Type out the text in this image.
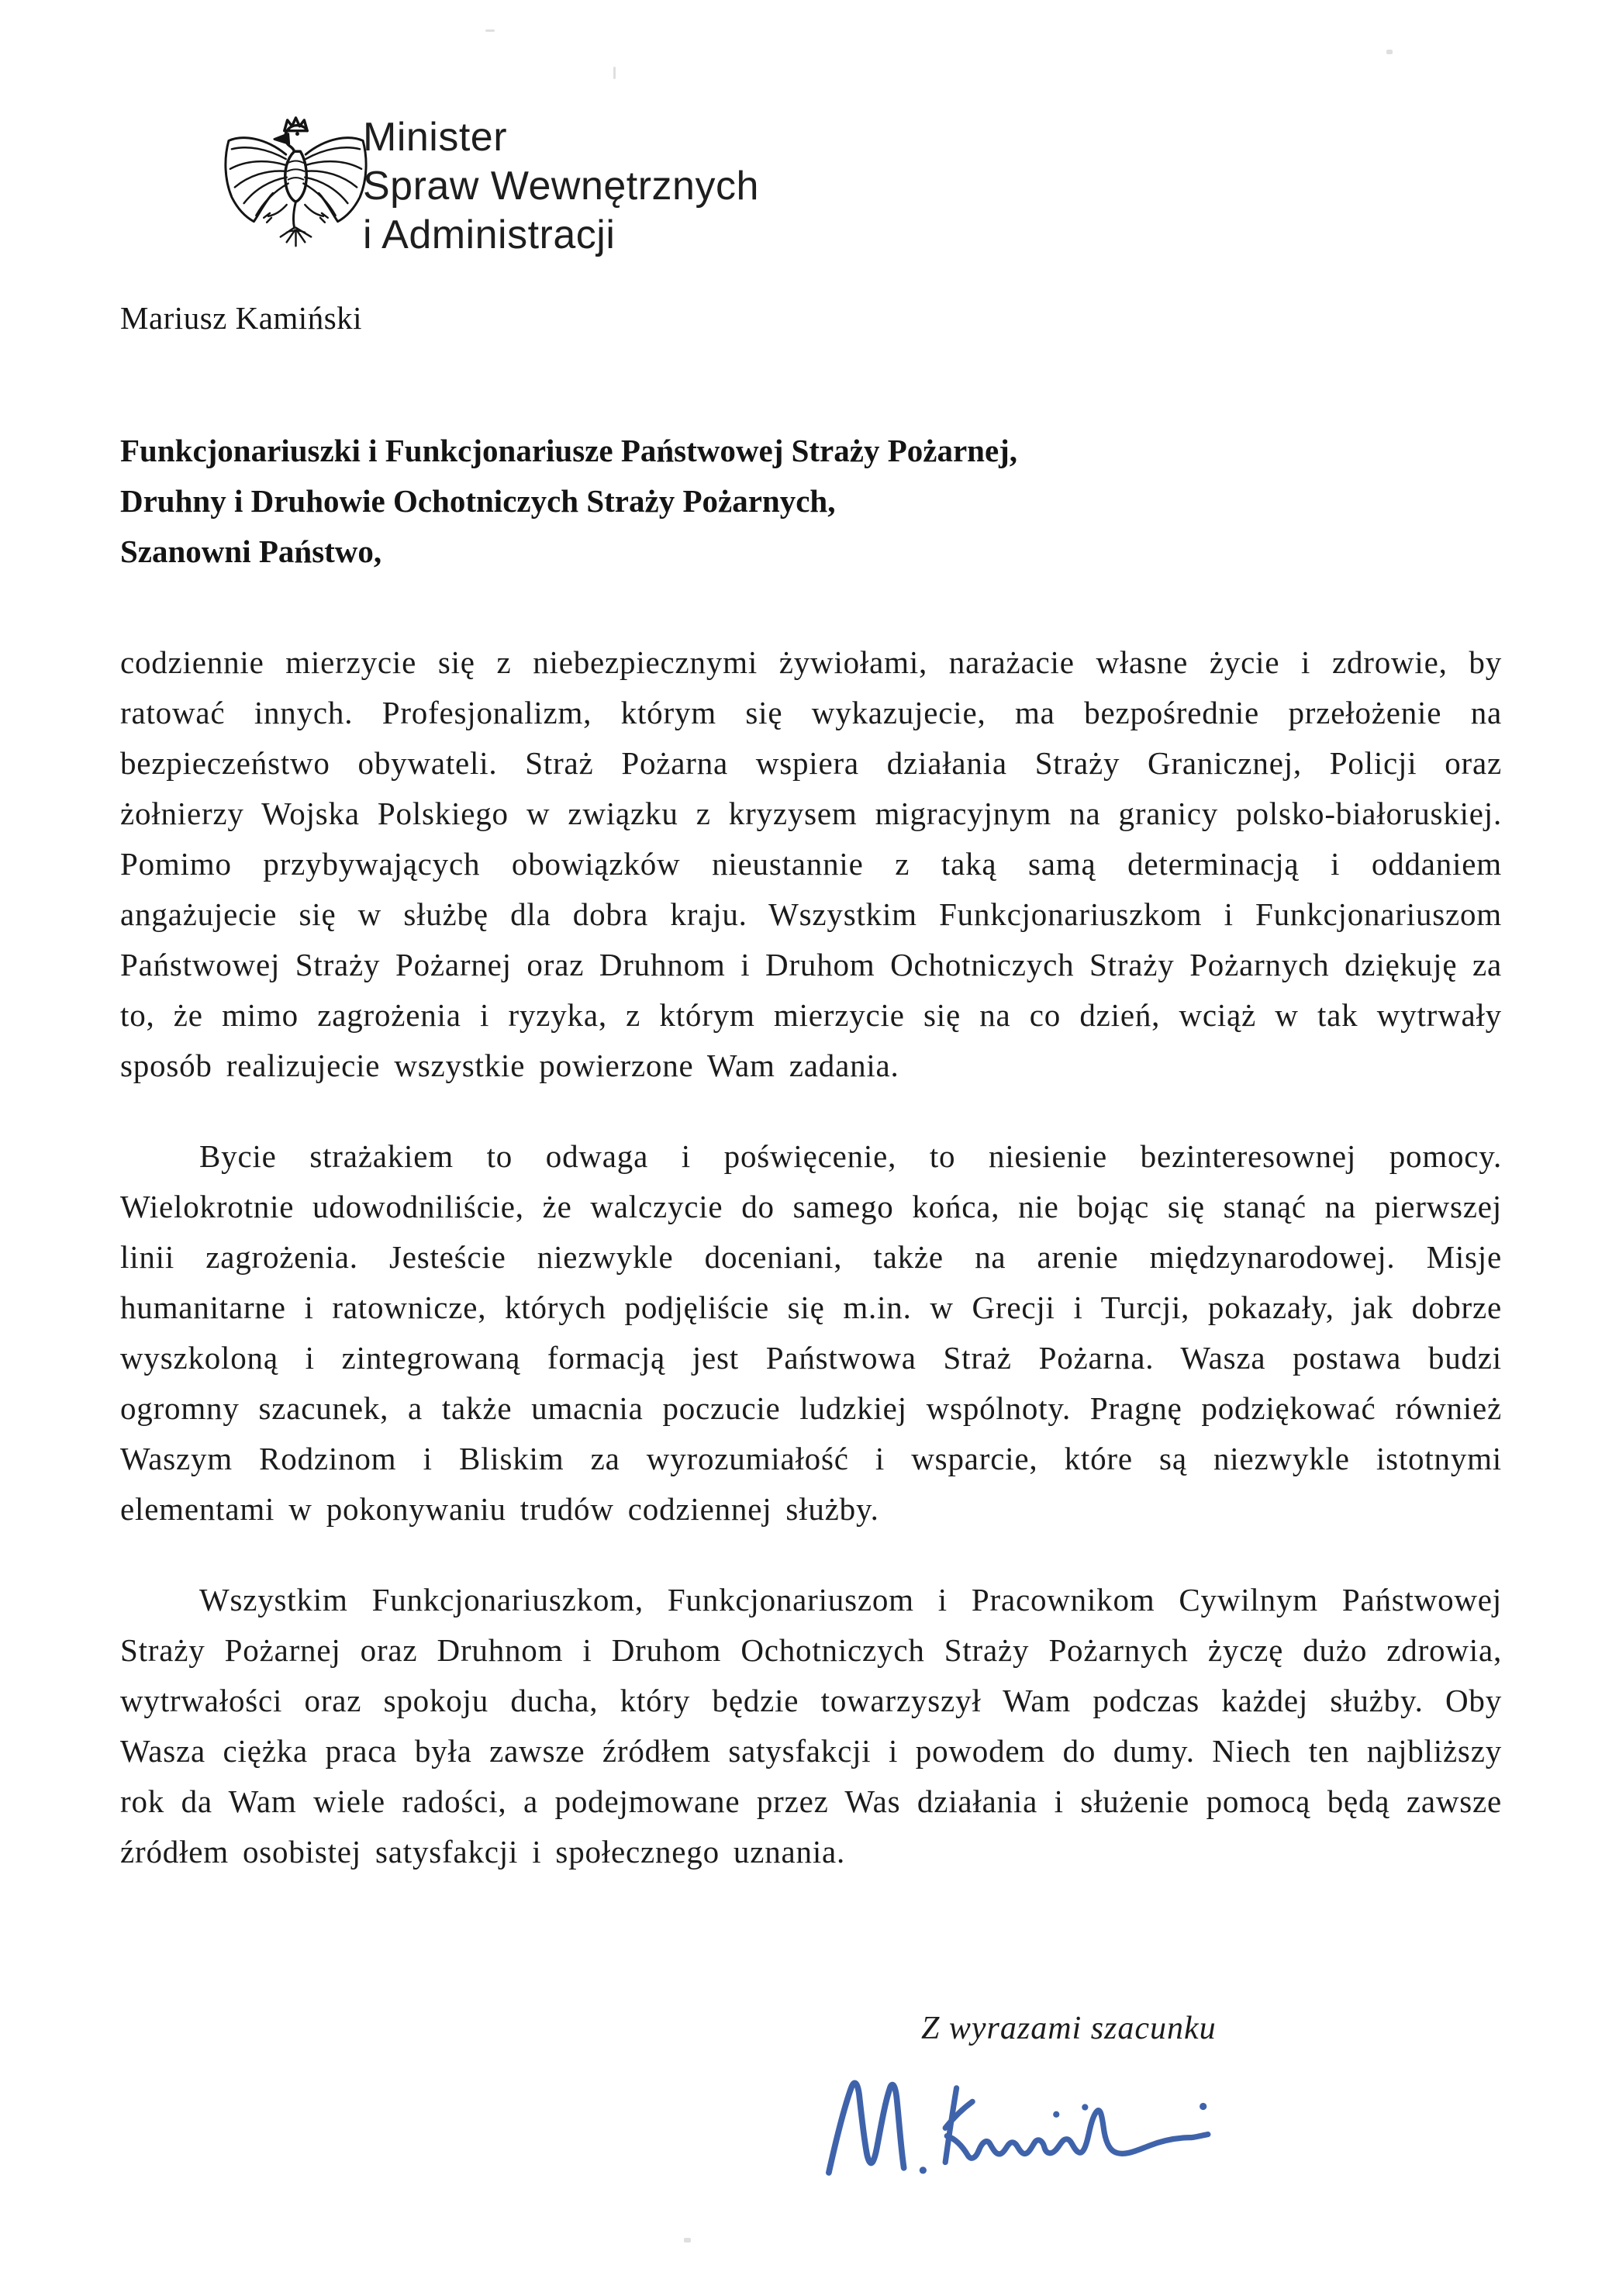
Minister
Spraw Wewnętrznych
i Administracji
Mariusz Kamiński
Funkcjonariuszki i Funkcjonariusze Państwowej Straży Pożarnej,
Druhny i Druhowie Ochotniczych Straży Pożarnych,
Szanowni Państwo,

codziennie mierzycie się z niebezpiecznymi żywiołami, narażacie własne życie i zdrowie, by ratować innych. Profesjonalizm, którym się wykazujecie, ma bezpośrednie przełożenie na bezpieczeństwo obywateli. Straż Pożarna wspiera działania Straży Granicznej, Policji oraz żołnierzy Wojska Polskiego w związku z kryzysem migracyjnym na granicy polsko-białoruskiej. Pomimo przybywających obowiązków nieustannie z taką samą determinacją i oddaniem angażujecie się w służbę dla dobra kraju. Wszystkim Funkcjonariuszkom i Funkcjonariuszom Państwowej Straży Pożarnej oraz Druhnom i Druhom Ochotniczych Straży Pożarnych dziękuję za to, że mimo zagrożenia i ryzyka, z którym mierzycie się na co dzień, wciąż w tak wytrwały sposób realizujecie wszystkie powierzone Wam zadania.

Bycie strażakiem to odwaga i poświęcenie, to niesienie bezinteresownej pomocy. Wielokrotnie udowodniliście, że walczycie do samego końca, nie bojąc się stanąć na pierwszej linii zagrożenia. Jesteście niezwykle doceniani, także na arenie międzynarodowej. Misje humanitarne i ratownicze, których podjęliście się m.in. w Grecji i Turcji, pokazały, jak dobrze wyszkoloną i zintegrowaną formacją jest Państwowa Straż Pożarna. Wasza postawa budzi ogromny szacunek, a także umacnia poczucie ludzkiej wspólnoty. Pragnę podziękować również Waszym Rodzinom i Bliskim za wyrozumiałość i wsparcie, które są niezwykle istotnymi elementami w pokonywaniu trudów codziennej służby.

Wszystkim Funkcjonariuszkom, Funkcjonariuszom i Pracownikom Cywilnym Państwowej Straży Pożarnej oraz Druhnom i Druhom Ochotniczych Straży Pożarnych życzę dużo zdrowia, wytrwałości oraz spokoju ducha, który będzie towarzyszył Wam podczas każdej służby. Oby Wasza ciężka praca była zawsze źródłem satysfakcji i powodem do dumy. Niech ten najbliższy rok da Wam wiele radości, a podejmowane przez Was działania i służenie pomocą będą zawsze źródłem osobistej satysfakcji i społecznego uznania.

Z wyrazami szacunku
